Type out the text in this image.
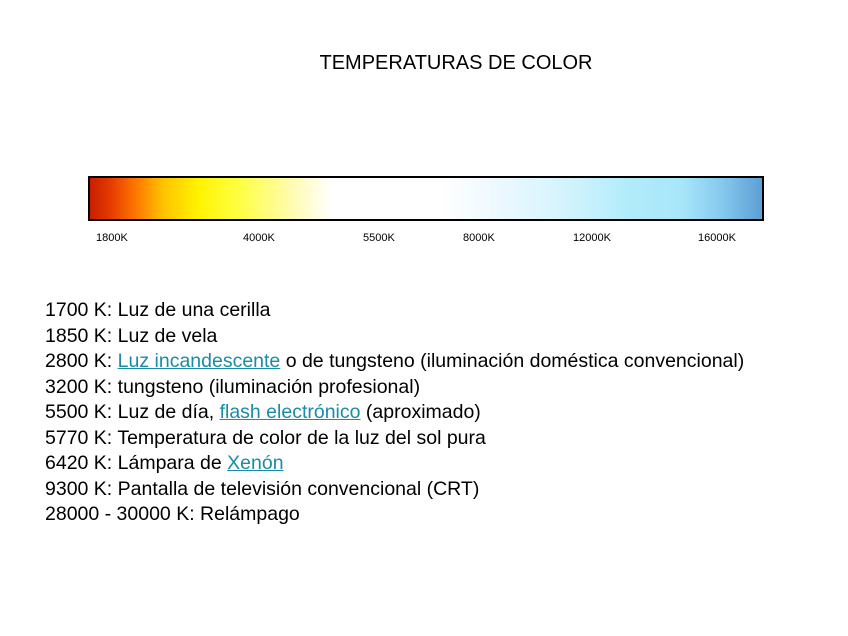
TEMPERATURAS DE COLOR
1800K	4000K	5500K	8000K	12000K	16000K
1700 K: Luz de una cerilla
1850 K: Luz de vela
2800 K: Luz incandescente o de tungsteno (iluminación doméstica convencional)
3200 K: tungsteno (iluminación profesional)
5500 K: Luz de día, flash electrónico (aproximado)
5770 K: Temperatura de color de la luz del sol pura
6420 K: Lámpara de Xenón
9300 K: Pantalla de televisión convencional (CRT)
28000 - 30000 K: Relámpago
